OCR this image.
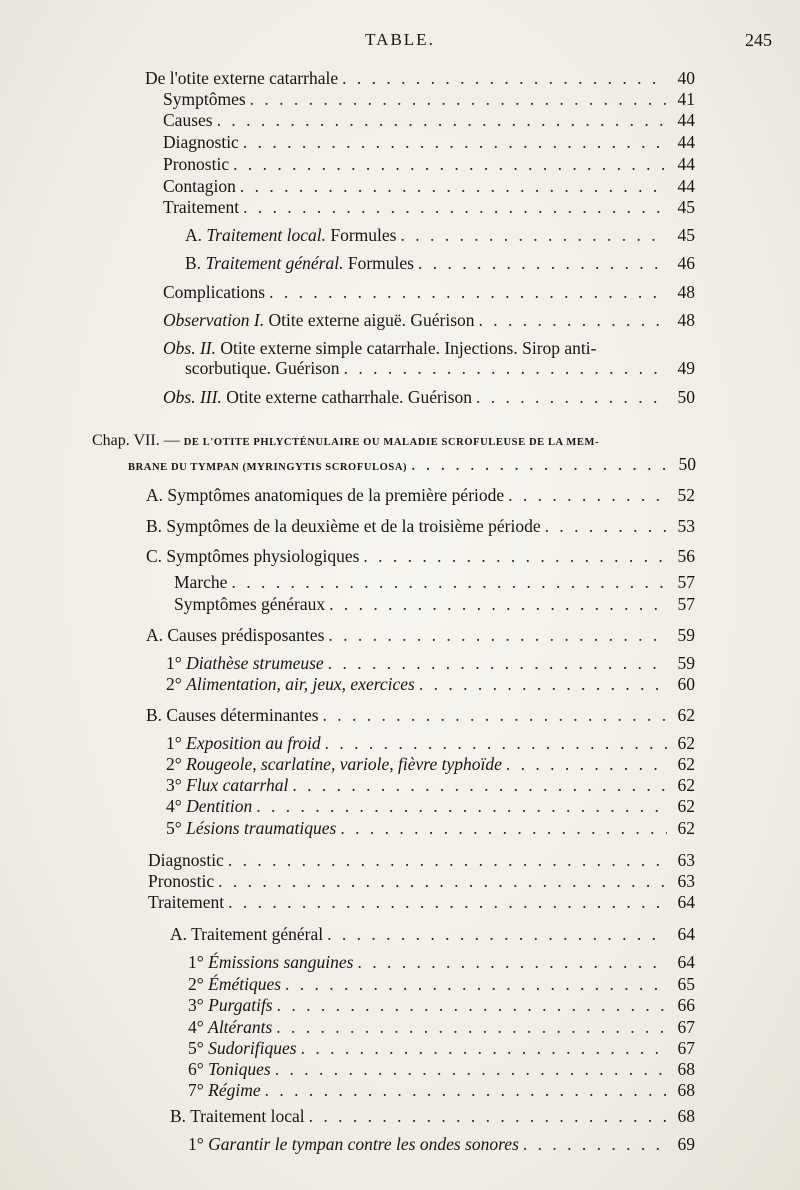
TABLE.	245
De l'otite externe catarrhale . . .	40
Symptômes . . .	41
Causes . . .	44
Diagnostic . . .	44
Pronostic . . .	44
Contagion . . .	44
Traitement . . .	45
A. Traitement local. Formules . . .	45
B. Traitement général. Formules . . .	46
Complications . . .	48
Observation I. Otite externe aiguë. Guérison . . .	48
Obs. II. Otite externe simple catarrhale. Injections. Sirop anti-
scorbutique. Guérison . . .	49
Obs. III. Otite externe catharrhale. Guérison . . .	50
Chap. VII. — DE L'OTITE PHLYCTÉNULAIRE OU MALADIE SCROFULEUSE DE LA MEM-
BRANE DU TYMPAN (MYRINGYTIS SCROFULOSA) . . .	50
A. Symptômes anatomiques de la première période . . .	52
B. Symptômes de la deuxième et de la troisième période . . .	53
C. Symptômes physiologiques . . .	56
Marche . . .	57
Symptômes généraux . . .	57
A. Causes prédisposantes . . .	59
1° Diathèse strumeuse . . .	59
2° Alimentation, air, jeux, exercices . . .	60
B. Causes déterminantes . . .	62
1° Exposition au froid . . .	62
2° Rougeole, scarlatine, variole, fièvre typhoïde . . .	62
3° Flux catarrhal . . .	62
4° Dentition . . .	62
5° Lésions traumatiques . . .	62
Diagnostic . . .	63
Pronostic . . .	63
Traitement . . .	64
A. Traitement général . . .	64
1° Émissions sanguines . . .	64
2° Émétiques . . .	65
3° Purgatifs . . .	66
4° Altérants . . .	67
5° Sudorifiques . . .	67
6° Toniques . . .	68
7° Régime . . .	68
B. Traitement local . . .	68
1° Garantir le tympan contre les ondes sonores . . .	69
